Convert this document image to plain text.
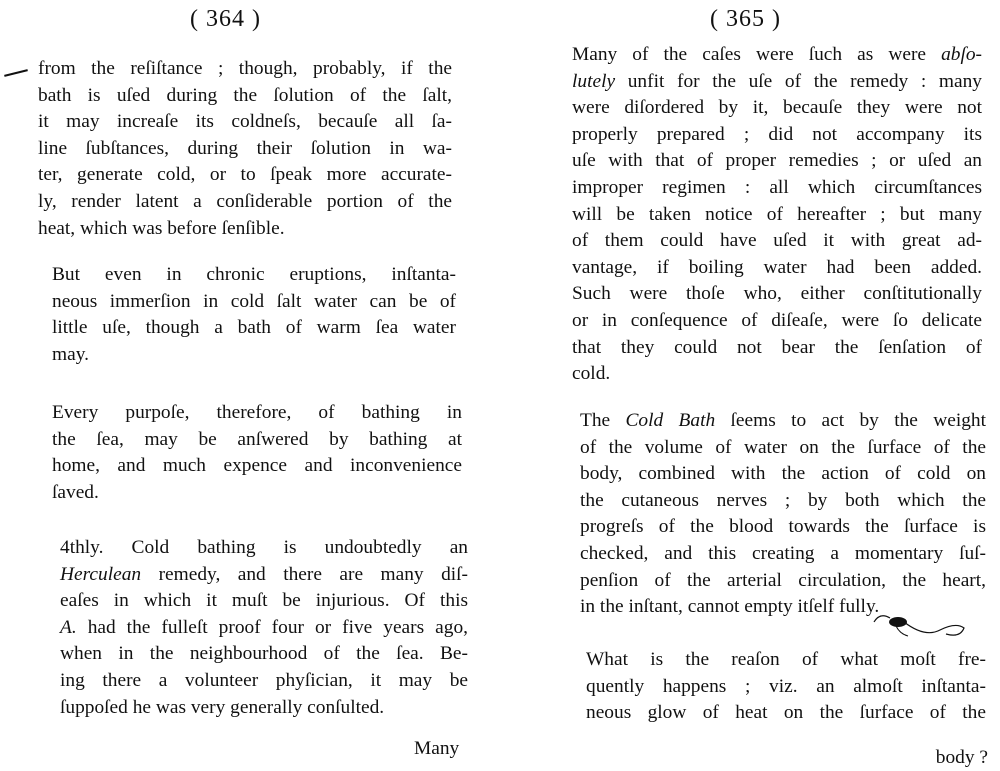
( 364 )
from the reſiſtance ; though, probably, if the
bath is uſed during the ſolution of the ſalt,
it may increaſe its coldneſs, becauſe all ſa-
line ſubſtances, during their ſolution in wa-
ter, generate cold, or to ſpeak more accurate-
ly, render latent a conſiderable portion of the
heat, which was before ſenſible.
But even in chronic eruptions, inſtanta-
neous immerſion in cold ſalt water can be of
little uſe, though a bath of warm ſea water
may.
Every purpoſe, therefore, of bathing in
the ſea, may be anſwered by bathing at
home, and much expence and inconvenience
ſaved.
4thly. Cold bathing is undoubtedly an
Herculean remedy, and there are many diſ-
eaſes in which it muſt be injurious. Of this
A. had the fulleſt proof four or five years ago,
when in the neighbourhood of the ſea. Be-
ing there a volunteer phyſician, it may be
ſuppoſed he was very generally conſulted.
Many
( 365 )
Many of the caſes were ſuch as were abſo-
lutely unfit for the uſe of the remedy : many
were diſordered by it, becauſe they were not
properly prepared ; did not accompany its
uſe with that of proper remedies ; or uſed an
improper regimen : all which circumſtances
will be taken notice of hereafter ; but many
of them could have uſed it with great ad-
vantage, if boiling water had been added.
Such were thoſe who, either conſtitutionally
or in conſequence of diſeaſe, were ſo delicate
that they could not bear the ſenſation of
cold.
The Cold Bath ſeems to act by the weight
of the volume of water on the ſurface of the
body, combined with the action of cold on
the cutaneous nerves ; by both which the
progreſs of the blood towards the ſurface is
checked, and this creating a momentary ſuſ-
penſion of the arterial circulation, the heart,
in the inſtant, cannot empty itſelf fully.
What is the reaſon of what moſt fre-
quently happens ; viz. an almoſt inſtanta-
neous glow of heat on the ſurface of the
body ?
